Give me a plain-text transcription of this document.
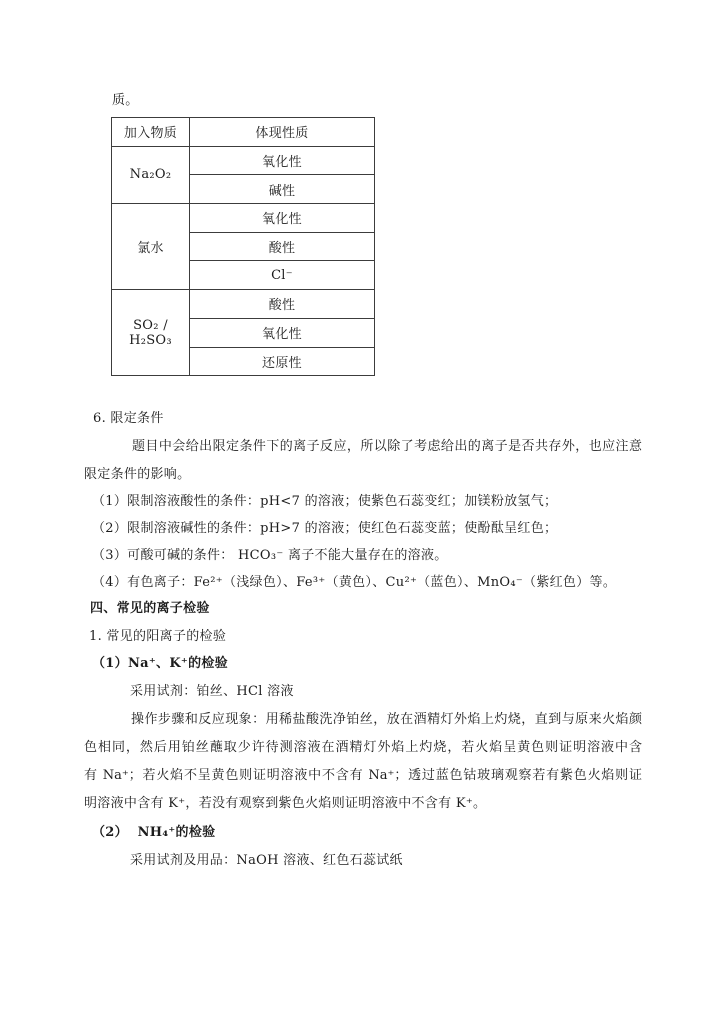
质。
加入物质	体现性质
Na₂O₂	氧化性
	碱性
氯水	氧化性
	酸性
	Cl⁻
SO₂ / H₂SO₃	酸性
	氧化性
	还原性
6. 限定条件
题目中会给出限定条件下的离子反应，所以除了考虑给出的离子是否共存外，也应注意
限定条件的影响。
（1）限制溶液酸性的条件：pH<7 的溶液；使紫色石蕊变红；加镁粉放氢气；
（2）限制溶液碱性的条件：pH>7 的溶液；使红色石蕊变蓝；使酚酞呈红色；
（3）可酸可碱的条件： HCO₃⁻ 离子不能大量存在的溶液。
（4）有色离子：Fe²⁺（浅绿色）、Fe³⁺（黄色）、Cu²⁺（蓝色）、MnO₄⁻（紫红色）等。
四、常见的离子检验
1. 常见的阳离子的检验
（1）Na⁺、K⁺的检验
采用试剂：铂丝、HCl 溶液
操作步骤和反应现象：用稀盐酸洗净铂丝，放在酒精灯外焰上灼烧，直到与原来火焰颜
色相同，然后用铂丝蘸取少许待测溶液在酒精灯外焰上灼烧，若火焰呈黄色则证明溶液中含
有 Na⁺；若火焰不呈黄色则证明溶液中不含有 Na⁺；透过蓝色钴玻璃观察若有紫色火焰则证
明溶液中含有 K⁺，若没有观察到紫色火焰则证明溶液中不含有 K⁺。
（2）  NH₄⁺的检验
采用试剂及用品：NaOH 溶液、红色石蕊试纸
